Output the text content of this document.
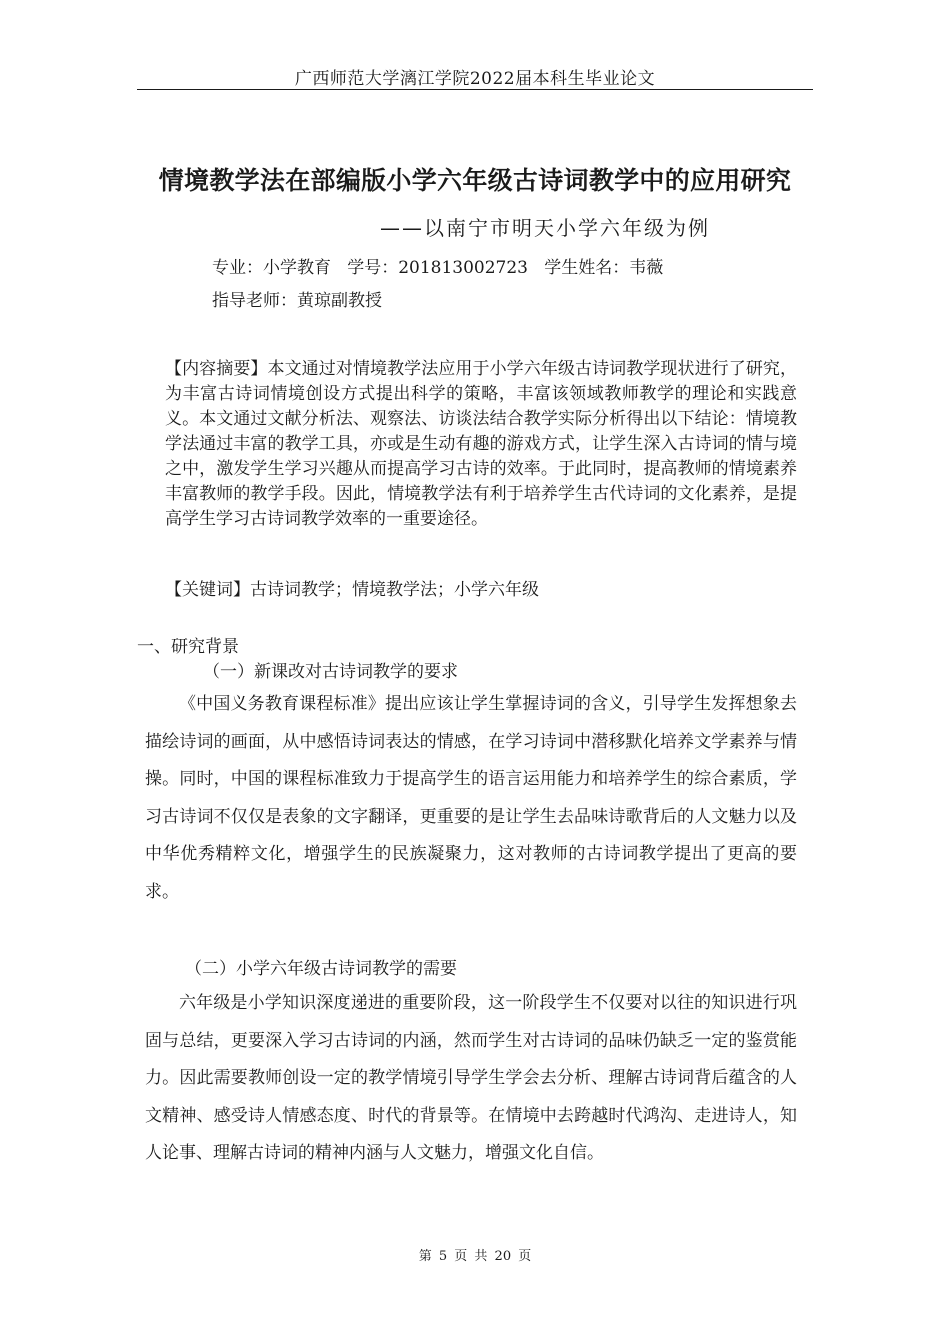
广西师范大学漓江学院2022届本科生毕业论文
情境教学法在部编版小学六年级古诗词教学中的应用研究
——以南宁市明天小学六年级为例
专业：小学教育   学号：201813002723   学生姓名：韦薇
指导老师：黄琼副教授
【内容摘要】本文通过对情境教学法应用于小学六年级古诗词教学现状进行了研究，为丰富古诗词情境创设方式提出科学的策略，丰富该领域教师教学的理论和实践意义。本文通过文献分析法、观察法、访谈法结合教学实际分析得出以下结论：情境教学法通过丰富的教学工具，亦或是生动有趣的游戏方式，让学生深入古诗词的情与境之中，激发学生学习兴趣从而提高学习古诗的效率。于此同时，提高教师的情境素养丰富教师的教学手段。因此，情境教学法有利于培养学生古代诗词的文化素养，是提高学生学习古诗词教学效率的一重要途径。
【关键词】古诗词教学；情境教学法；小学六年级
一、研究背景
（一）新课改对古诗词教学的要求
《中国义务教育课程标准》提出应该让学生掌握诗词的含义，引导学生发挥想象去描绘诗词的画面，从中感悟诗词表达的情感，在学习诗词中潜移默化培养文学素养与情操。同时，中国的课程标准致力于提高学生的语言运用能力和培养学生的综合素质，学习古诗词不仅仅是表象的文字翻译，更重要的是让学生去品味诗歌背后的人文魅力以及中华优秀精粹文化，增强学生的民族凝聚力，这对教师的古诗词教学提出了更高的要求。
（二）小学六年级古诗词教学的需要
六年级是小学知识深度递进的重要阶段，这一阶段学生不仅要对以往的知识进行巩固与总结，更要深入学习古诗词的内涵，然而学生对古诗词的品味仍缺乏一定的鉴赏能力。因此需要教师创设一定的教学情境引导学生学会去分析、理解古诗词背后蕴含的人文精神、感受诗人情感态度、时代的背景等。在情境中去跨越时代鸿沟、走进诗人，知人论事、理解古诗词的精神内涵与人文魅力，增强文化自信。
第 5 页 共 20 页
